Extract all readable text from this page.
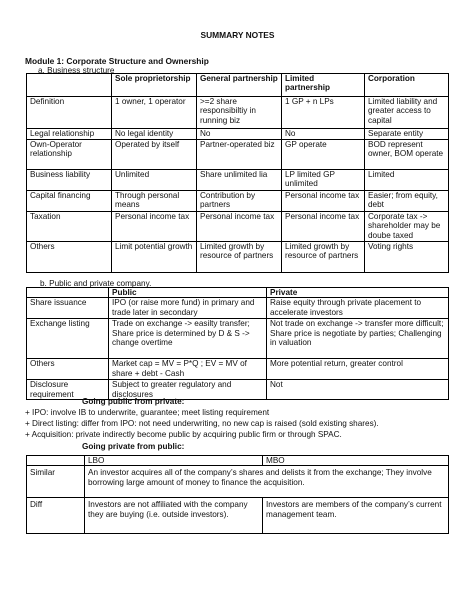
SUMMARY NOTES
Module 1: Corporate Structure and Ownership
a. Business structure
	Sole proprietorship	General partnership	Limited partnership	Corporation
Definition	1 owner, 1 operator	>=2 share responsibiltiy in running biz	1 GP + n LPs	Limited liability and greater access to capital
Legal relationship	No legal identity	No	No	Separate entity
Own-Operator relationship	Operated by itself	Partner-operated biz	GP operate	BOD represent owner, BOM operate
Business liability	Unlimited	Share unlimited lia	LP limited GP unlimited	Limited
Capital financing	Through personal means	Contribution by partners	Personal income tax	Easier; from equity, debt
Taxation	Personal income tax	Personal income tax	Personal income tax	Corporate tax -> shareholder may be doube taxed
Others	Limit potential growth	Limited growth by resource of partners	Limited growth by resource of partners	Voting rights
b. Public and private company.
	Public	Private
Share issuance	IPO (or raise more fund) in primary and trade later in secondary	Raise equity through private placement to accelerate investors
Exchange listing	Trade on exchange -> easilty transfer; Share price is determined by D & S -> change overtime	Not trade on exchange -> transfer more difficult; Share price is negotiate by parties; Challenging in valuation
Others	Market cap = MV = P*Q ; EV = MV of share + debt - Cash	More potential return, greater control
Disclosure requirement	Subject to greater regulatory and disclosures	Not
Going public from private:
+ IPO: involve IB to underwrite, guarantee; meet listing requirement
+ Direct listing: differ from IPO: not need underwriting, no new cap is raised (sold existing shares).
+ Acquisition: private indirectly become public by acquiring public firm or through SPAC.
Going private from public:
	LBO	MBO
Similar	An investor acquires all of the company’s shares and delists it from the exchange; They involve borrowing large amount of money to finance the acquisition.	
Diff	Investors are not affiliated with the company they are buying (i.e. outside investors).	Investors are members of the company’s current management team.
